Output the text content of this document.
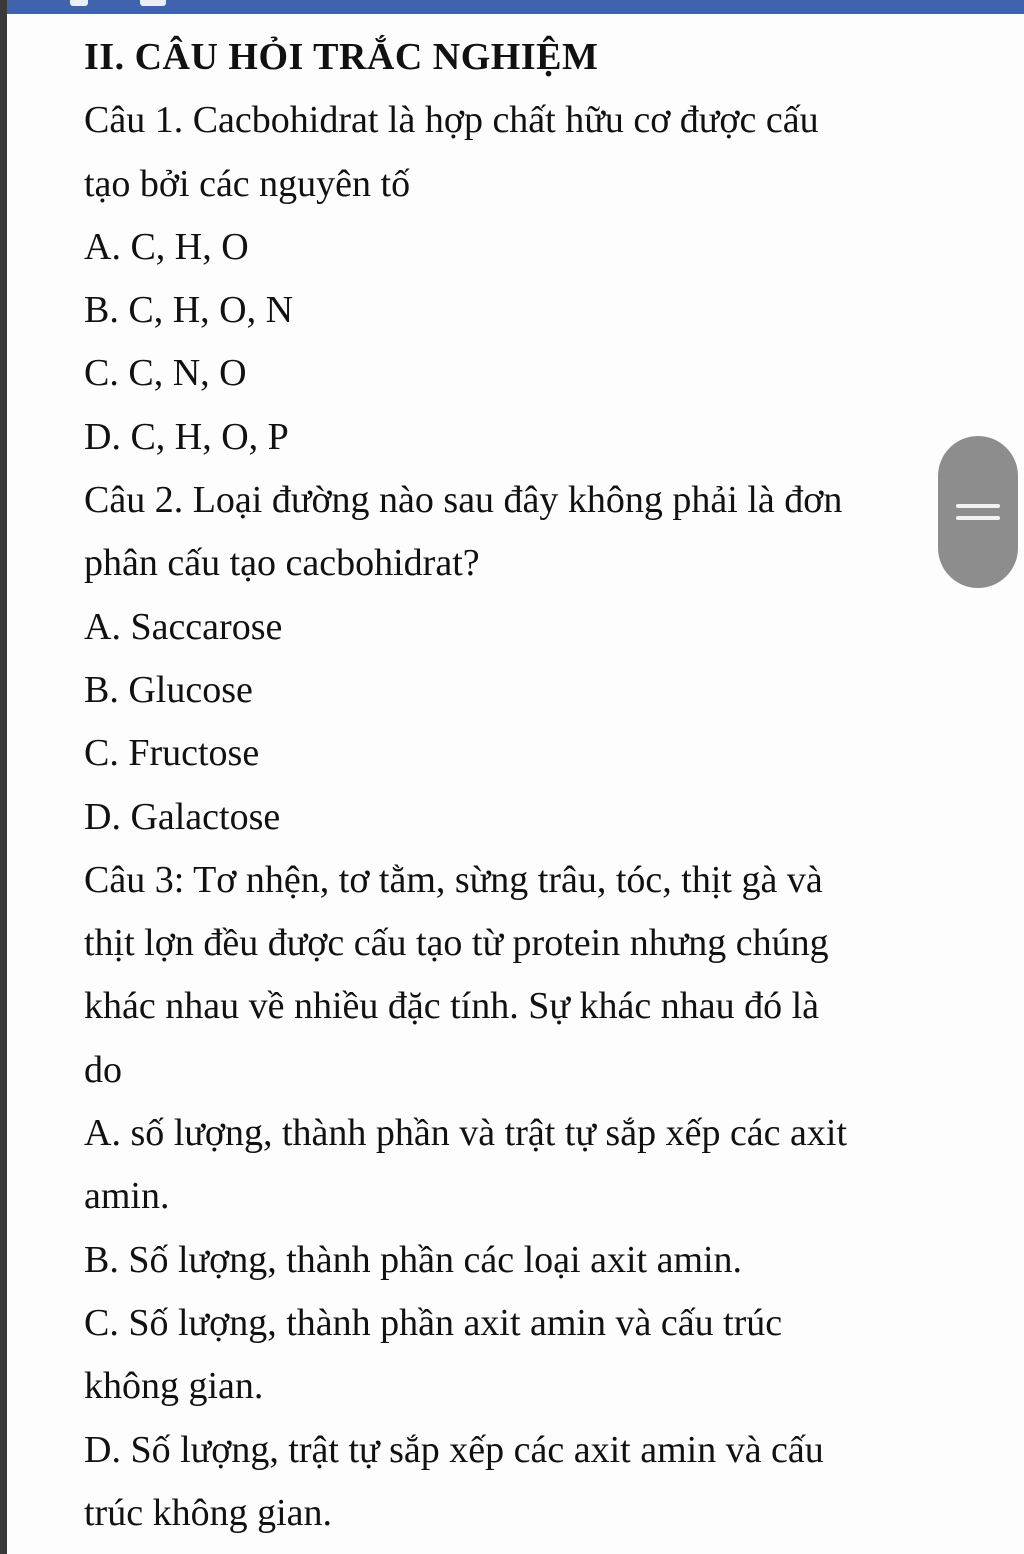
II. CÂU HỎI TRẮC NGHIỆM
Câu 1. Cacbohidrat là hợp chất hữu cơ được cấu
tạo bởi các nguyên tố
A. C, H, O
B. C, H, O, N
C. C, N, O
D. C, H, O, P
Câu 2. Loại đường nào sau đây không phải là đơn
phân cấu tạo cacbohidrat?
A. Saccarose
B. Glucose
C. Fructose
D. Galactose
Câu 3: Tơ nhện, tơ tằm, sừng trâu, tóc, thịt gà và
thịt lợn đều được cấu tạo từ protein nhưng chúng
khác nhau về nhiều đặc tính. Sự khác nhau đó là
do
A. số lượng, thành phần và trật tự sắp xếp các axit
amin.
B. Số lượng, thành phần các loại axit amin.
C. Số lượng, thành phần axit amin và cấu trúc
không gian.
D. Số lượng, trật tự sắp xếp các axit amin và cấu
trúc không gian.
